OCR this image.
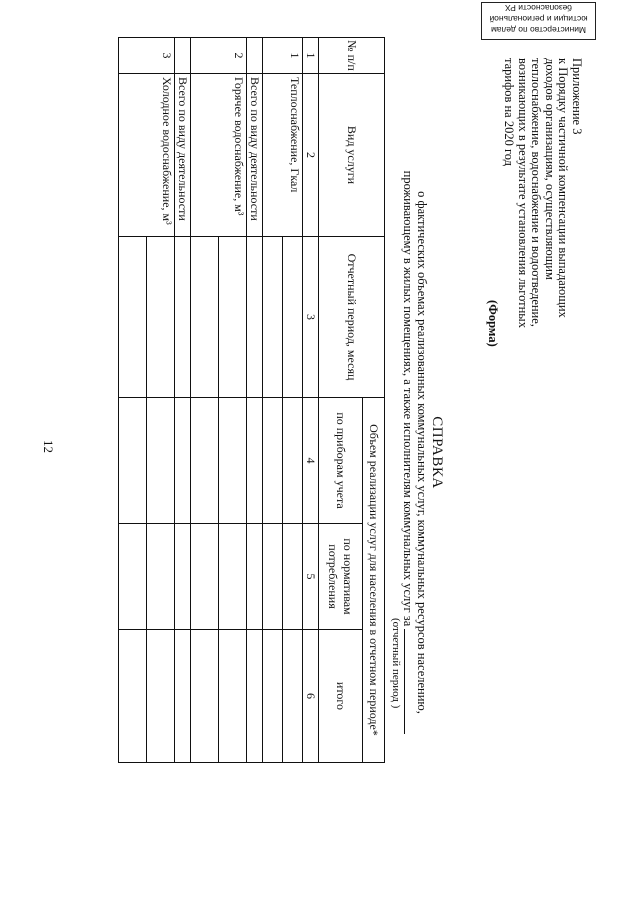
12
Министерство по делам
юстиции и региональной
безопасности РХ
Приложение 3
к Порядку частичной компенсации выпадающих
доходов организациям, осуществляющим
теплоснабжение, водоснабжение и водоотведение,
возникающих в результате установления льготных
тарифов на 2020 год
(Форма)
СПРАВКА
о фактических объемах реализованных коммунальных услуг, коммунальных ресурсов населению,
проживающему в жилых помещениях, а также исполнителям коммунальных услуг за
(отчетный период )
№ п/п	Вид услуги	Отчетный период, месяц	Объем реализации услуг для населения в отчетном периоде*		
			по приборам учета	по нормативам потребления	итого
1	2	3	4	5	6
1	Теплоснабжение, Гкал				

	Всего по виду деятельности				
2	Горячее водоснабжение, м³				

	Всего по виду деятельности				
3	Холодное водоснабжение, м³				
